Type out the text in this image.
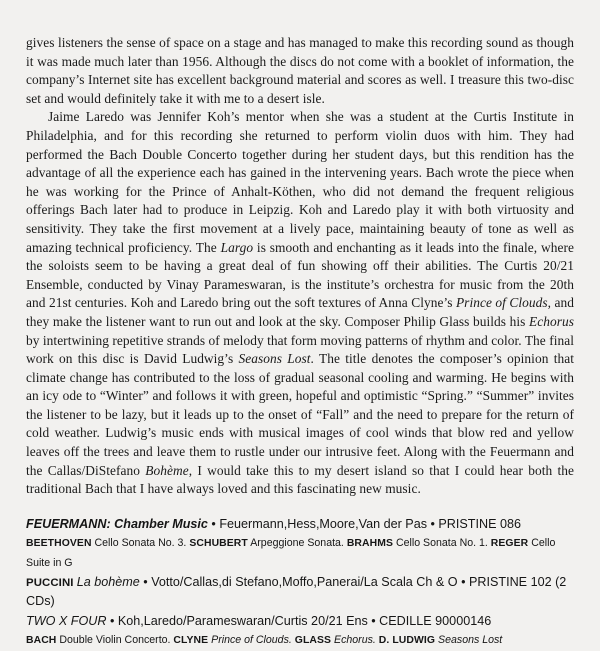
gives listeners the sense of space on a stage and has managed to make this recording sound as though it was made much later than 1956. Although the discs do not come with a booklet of information, the company’s Internet site has excellent background material and scores as well. I treasure this two-disc set and would definitely take it with me to a desert isle.

Jaime Laredo was Jennifer Koh’s mentor when she was a student at the Curtis Institute in Philadelphia, and for this recording she returned to perform violin duos with him. They had performed the Bach Double Concerto together during her student days, but this rendition has the advantage of all the experience each has gained in the intervening years. Bach wrote the piece when he was working for the Prince of Anhalt-Köthen, who did not demand the frequent religious offerings Bach later had to produce in Leipzig. Koh and Laredo play it with both virtuosity and sensitivity. They take the first movement at a lively pace, maintaining beauty of tone as well as amazing technical proficiency. The Largo is smooth and enchanting as it leads into the finale, where the soloists seem to be having a great deal of fun showing off their abilities. The Curtis 20/21 Ensemble, conducted by Vinay Parameswaran, is the institute’s orchestra for music from the 20th and 21st centuries. Koh and Laredo bring out the soft textures of Anna Clyne’s Prince of Clouds, and they make the listener want to run out and look at the sky. Composer Philip Glass builds his Echorus by intertwining repetitive strands of melody that form moving patterns of rhythm and color. The final work on this disc is David Ludwig’s Seasons Lost. The title denotes the composer’s opinion that climate change has contributed to the loss of gradual seasonal cooling and warming. He begins with an icy ode to “Winter” and follows it with green, hopeful and optimistic “Spring.” “Summer” invites the listener to be lazy, but it leads up to the onset of “Fall” and the need to prepare for the return of cold weather. Ludwig’s music ends with musical images of cool winds that blow red and yellow leaves off the trees and leave them to rustle under our intrusive feet. Along with the Feuermann and the Callas/DiStefano Bohème, I would take this to my desert island so that I could hear both the traditional Bach that I have always loved and this fascinating new music.

FEUERMANN: Chamber Music • Feuermann,Hess,Moore,Van der Pas • PRISTINE 086

BEETHOVEN Cello Sonata No. 3. SCHUBERT Arpeggione Sonata. BRAHMS Cello Sonata No. 1. REGER Cello Suite in G

PUCCINI La bohème • Votto/Callas,di Stefano,Moffo,Panerai/La Scala Ch & O • PRISTINE 102 (2 CDs)

TWO X FOUR • Koh,Laredo/Parameswaran/Curtis 20/21 Ens • CEDILLE 90000146

BACH Double Violin Concerto. CLYNE Prince of Clouds. GLASS Echorus. D. LUDWIG Seasons Lost
